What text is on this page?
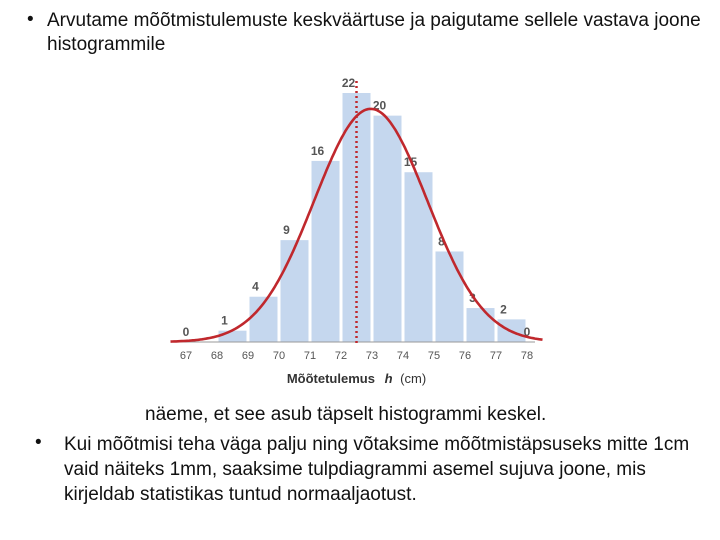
• Arvutame mõõtmistulemuste keskväärtuse ja paigutame sellele vastava joone histogrammile
0
1
4
9
16
22
20
15
8
3
2
0
67 68 69 70 71 72 73 74 75 76 77 78
Mõõtetulemus h (cm)
näeme, et see asub täpselt histogrammi keskel.
• Kui mõõtmisi teha väga palju ning võtaksime mõõtmistäpsuseks mitte 1cm vaid näiteks 1mm, saaksime tulpdiagrammi asemel sujuva joone, mis kirjeldab statistikas tuntud normaaljaotust.
